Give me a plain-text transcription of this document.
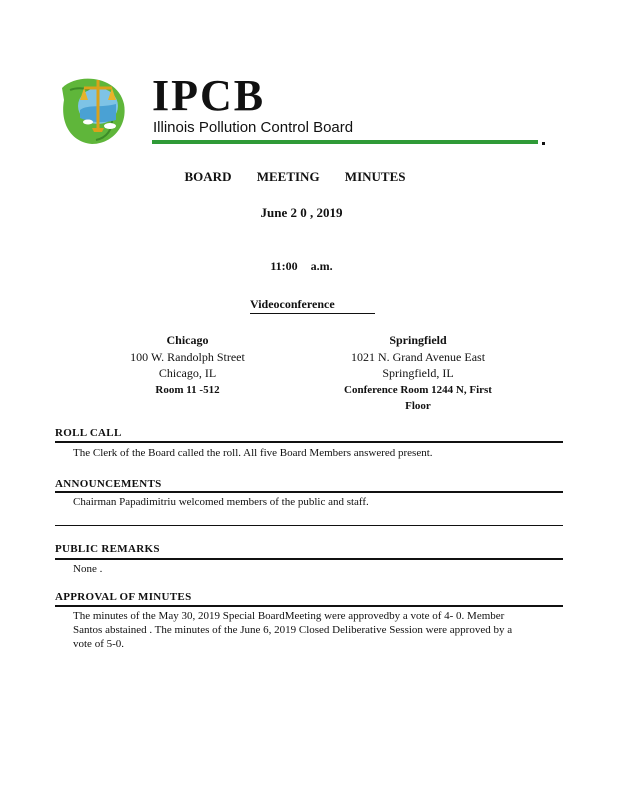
IPCB
Illinois Pollution Control Board
BOARD MEETING MINUTES
June 2 0 , 2019
11:00 a.m.
Videoconference
Chicago
100 W. Randolph Street
Chicago, IL
Room 11 -512
Springfield
1021 N. Grand Avenue East
Springfield, IL
Conference Room 1244 N, First
Floor
ROLL CALL
The Clerk of the Board called the roll. All five Board Members answered present.
ANNOUNCEMENTS
Chairman Papadimitriu welcomed members of the public and staff.
PUBLIC REMARKS
None .
APPROVAL OF MINUTES
The minutes of the May 30, 2019 Special BoardMeeting were approvedby a vote of 4- 0. Member Santos abstained . The minutes of the June 6, 2019 Closed Deliberative Session were approved by a vote of 5-0.
